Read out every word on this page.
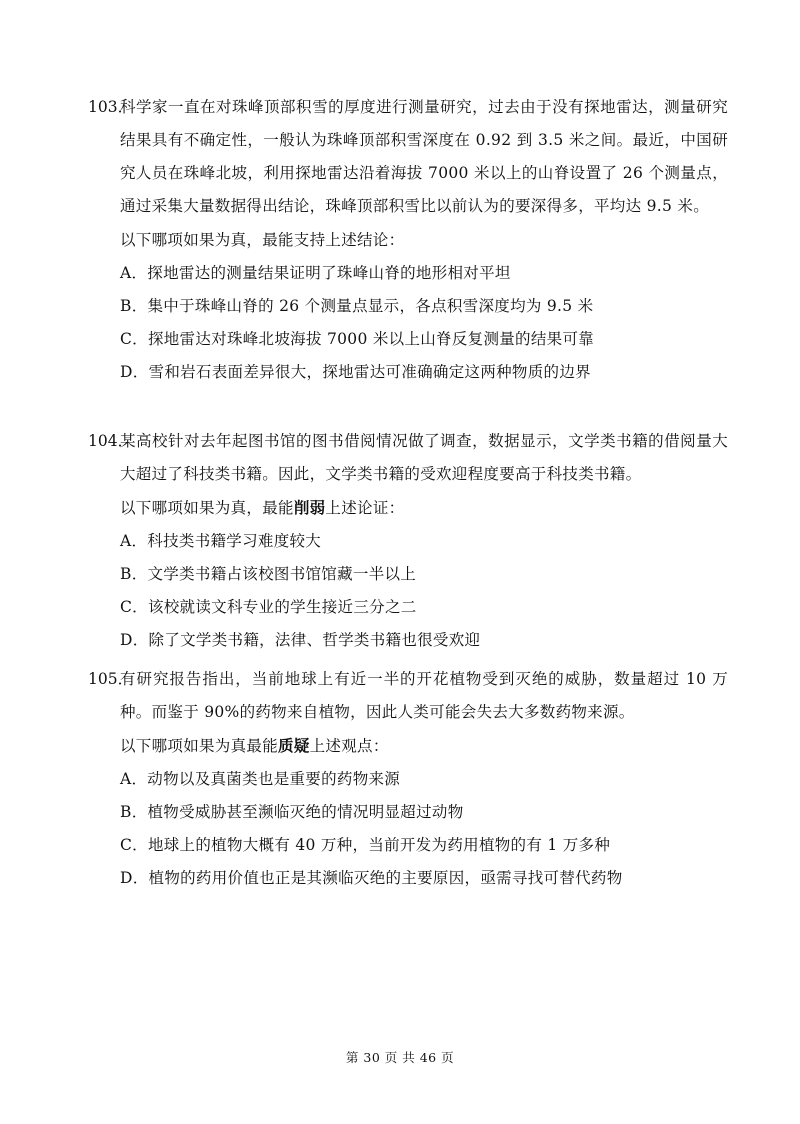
103．
科学家一直在对珠峰顶部积雪的厚度进行测量研究，过去由于没有探地雷达，测量研究结果具有不确定性，一般认为珠峰顶部积雪深度在 0.92 到 3.5 米之间。最近，中国研究人员在珠峰北坡，利用探地雷达沿着海拔 7000 米以上的山脊设置了 26 个测量点，通过采集大量数据得出结论，珠峰顶部积雪比以前认为的要深得多，平均达 9.5 米。
以下哪项如果为真，最能支持上述结论：
A．探地雷达的测量结果证明了珠峰山脊的地形相对平坦
B．集中于珠峰山脊的 26 个测量点显示，各点积雪深度均为 9.5 米
C．探地雷达对珠峰北坡海拔 7000 米以上山脊反复测量的结果可靠
D．雪和岩石表面差异很大，探地雷达可准确确定这两种物质的边界
104．
某高校针对去年起图书馆的图书借阅情况做了调查，数据显示，文学类书籍的借阅量大大超过了科技类书籍。因此，文学类书籍的受欢迎程度要高于科技类书籍。
以下哪项如果为真，最能削弱上述论证：
A．科技类书籍学习难度较大
B．文学类书籍占该校图书馆馆藏一半以上
C．该校就读文科专业的学生接近三分之二
D．除了文学类书籍，法律、哲学类书籍也很受欢迎
105．
有研究报告指出，当前地球上有近一半的开花植物受到灭绝的威胁，数量超过 10 万种。而鉴于 90%的药物来自植物，因此人类可能会失去大多数药物来源。
以下哪项如果为真最能质疑上述观点：
A．动物以及真菌类也是重要的药物来源
B．植物受威胁甚至濒临灭绝的情况明显超过动物
C．地球上的植物大概有 40 万种，当前开发为药用植物的有 1 万多种
D．植物的药用价值也正是其濒临灭绝的主要原因，亟需寻找可替代药物
第 30 页 共 46 页
